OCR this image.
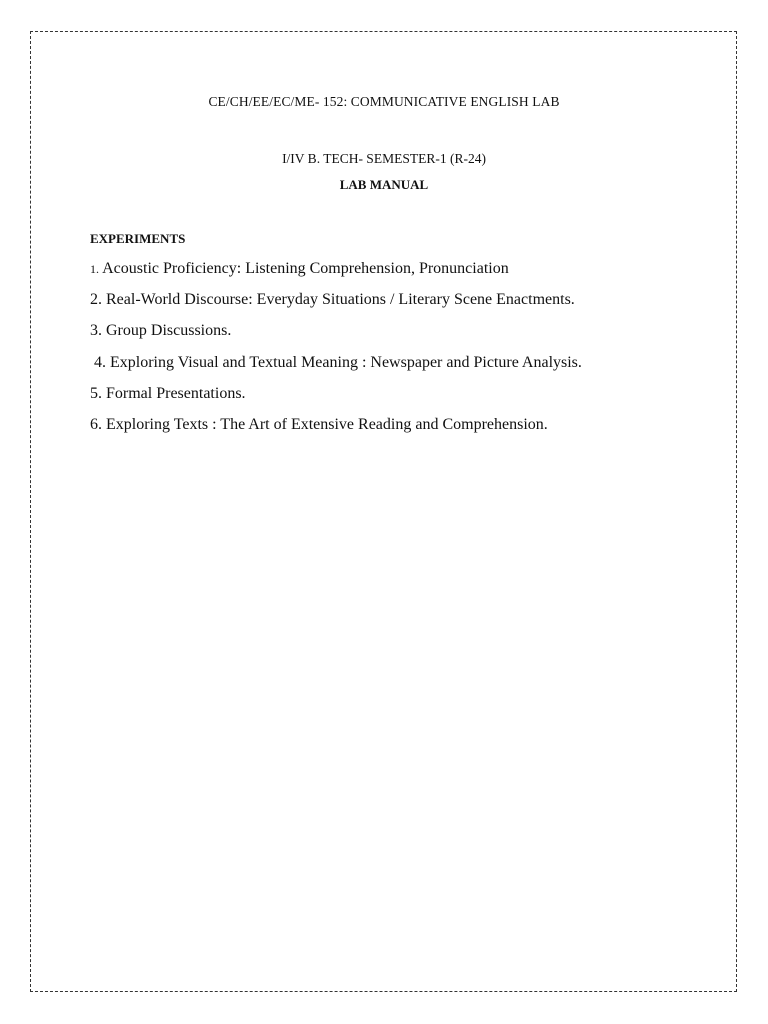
CE/CH/EE/EC/ME- 152: COMMUNICATIVE ENGLISH LAB
I/IV B. TECH- SEMESTER-1 (R-24)
LAB MANUAL
EXPERIMENTS
1. Acoustic Proficiency: Listening Comprehension, Pronunciation
2. Real-World Discourse: Everyday Situations / Literary Scene Enactments.
3. Group Discussions.
4. Exploring Visual and Textual Meaning : Newspaper and Picture Analysis.
5. Formal Presentations.
6. Exploring Texts : The Art of Extensive Reading and Comprehension.
